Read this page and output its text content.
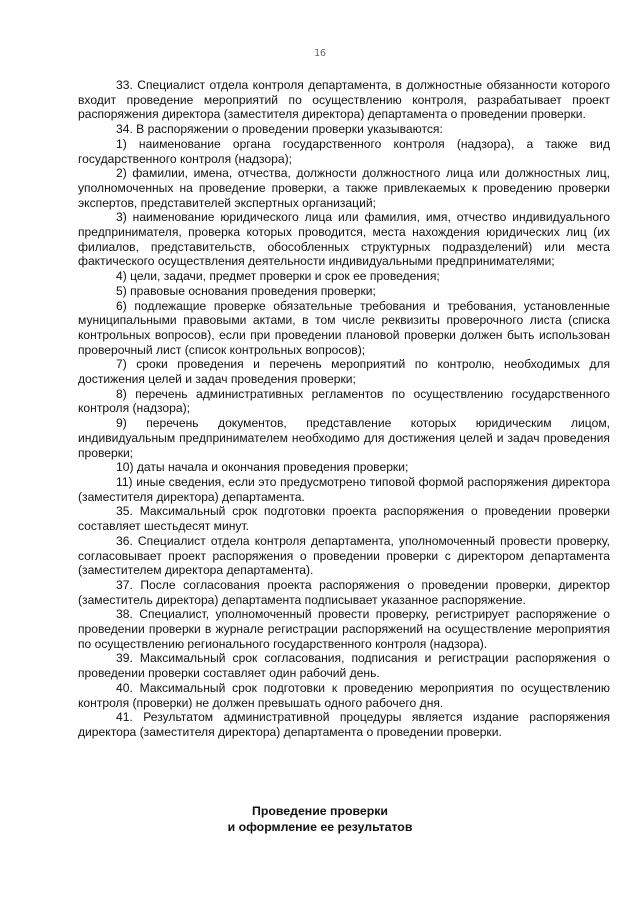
16

33. Специалист отдела контроля департамента, в должностные обязанности которого входит проведение мероприятий по осуществлению контроля, разрабатывает проект распоряжения директора (заместителя директора) департамента о проведении проверки.

34. В распоряжении о проведении проверки указываются:

1) наименование органа государственного контроля (надзора), а также вид государственного контроля (надзора);

2) фамилии, имена, отчества, должности должностного лица или должностных лиц, уполномоченных на проведение проверки, а также привлекаемых к проведению проверки экспертов, представителей экспертных организаций;

3) наименование юридического лица или фамилия, имя, отчество индивидуального предпринимателя, проверка которых проводится, места нахождения юридических лиц (их филиалов, представительств, обособленных структурных подразделений) или места фактического осуществления деятельности индивидуальными предпринимателями;

4) цели, задачи, предмет проверки и срок ее проведения;

5) правовые основания проведения проверки;

6) подлежащие проверке обязательные требования и требования, установленные муниципальными правовыми актами, в том числе реквизиты проверочного листа (списка контрольных вопросов), если при проведении плановой проверки должен быть использован проверочный лист (список контрольных вопросов);

7) сроки проведения и перечень мероприятий по контролю, необходимых для достижения целей и задач проведения проверки;

8) перечень административных регламентов по осуществлению государственного контроля (надзора);

9) перечень документов, представление которых юридическим лицом, индивидуальным предпринимателем необходимо для достижения целей и задач проведения проверки;

10) даты начала и окончания проведения проверки;

11) иные сведения, если это предусмотрено типовой формой распоряжения директора (заместителя директора) департамента.

35. Максимальный срок подготовки проекта распоряжения о проведении проверки составляет шестьдесят минут.

36. Специалист отдела контроля департамента, уполномоченный провести проверку, согласовывает проект распоряжения о проведении проверки с директором департамента (заместителем директора департамента).

37. После согласования проекта распоряжения о проведении проверки, директор (заместитель директора) департамента подписывает указанное распоряжение.

38. Специалист, уполномоченный провести проверку, регистрирует распоряжение о проведении проверки в журнале регистрации распоряжений на осуществление мероприятия по осуществлению регионального государственного контроля (надзора).

39. Максимальный срок согласования, подписания и регистрации распоряжения о проведении проверки составляет один рабочий день.

40. Максимальный срок подготовки к проведению мероприятия по осуществлению контроля (проверки) не должен превышать одного рабочего дня.

41. Результатом административной процедуры является издание распоряжения директора (заместителя директора) департамента о проведении проверки.

Проведение проверки
и оформление ее результатов
